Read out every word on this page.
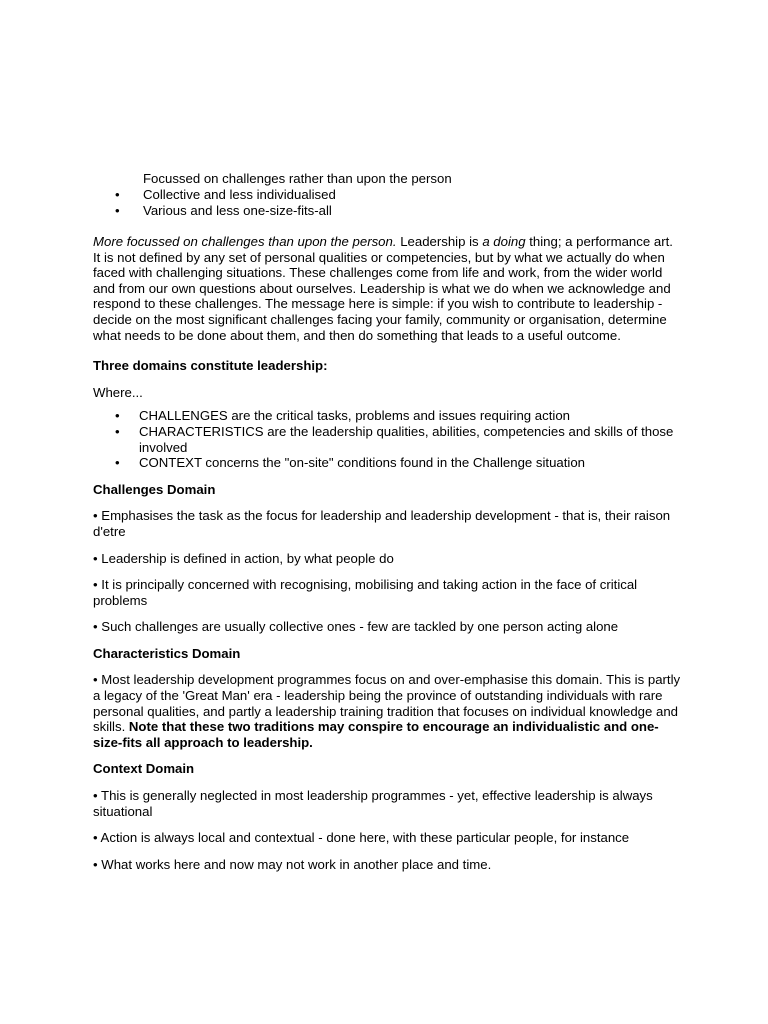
Focussed on challenges rather than upon the person
• Collective and less individualised
• Various and less one-size-fits-all

More focussed on challenges than upon the person. Leadership is a doing thing; a performance art. It is not defined by any set of personal qualities or competencies, but by what we actually do when faced with challenging situations. These challenges come from life and work, from the wider world and from our own questions about ourselves. Leadership is what we do when we acknowledge and respond to these challenges. The message here is simple: if you wish to contribute to leadership - decide on the most significant challenges facing your family, community or organisation, determine what needs to be done about them, and then do something that leads to a useful outcome.

Three domains constitute leadership:

Where...

• CHALLENGES are the critical tasks, problems and issues requiring action
• CHARACTERISTICS are the leadership qualities, abilities, competencies and skills of those involved
• CONTEXT concerns the "on-site" conditions found in the Challenge situation

Challenges Domain

• Emphasises the task as the focus for leadership and leadership development - that is, their raison d'etre

• Leadership is defined in action, by what people do

• It is principally concerned with recognising, mobilising and taking action in the face of critical problems

• Such challenges are usually collective ones - few are tackled by one person acting alone

Characteristics Domain

• Most leadership development programmes focus on and over-emphasise this domain. This is partly a legacy of the 'Great Man' era - leadership being the province of outstanding individuals with rare personal qualities, and partly a leadership training tradition that focuses on individual knowledge and skills. Note that these two traditions may conspire to encourage an individualistic and one-size-fits all approach to leadership.

Context Domain

• This is generally neglected in most leadership programmes - yet, effective leadership is always situational

• Action is always local and contextual - done here, with these particular people, for instance

• What works here and now may not work in another place and time.
